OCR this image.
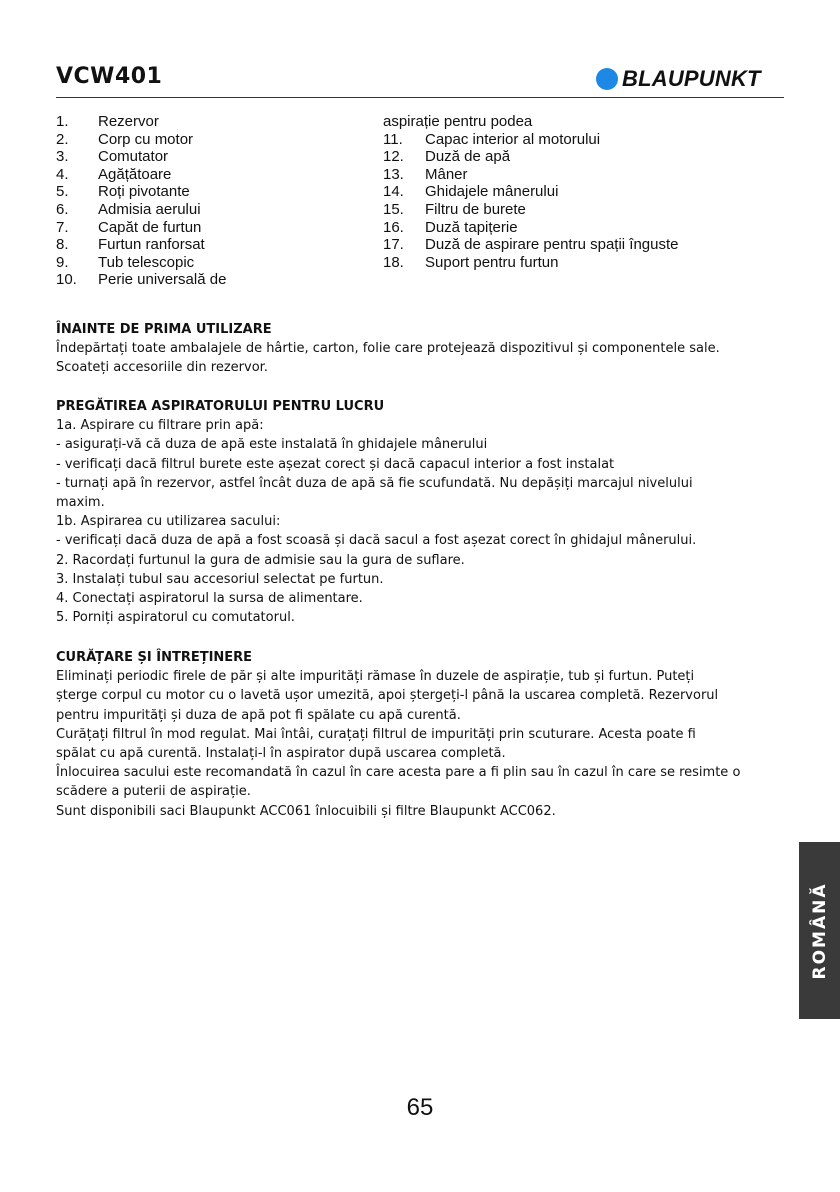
VCW401	BLAUPUNKT
1.	Rezervor
2.	Corp cu motor
3.	Comutator
4.	Agățătoare
5.	Roți pivotante
6.	Admisia aerului
7.	Capăt de furtun
8.	Furtun ranforsat
9.	Tub telescopic
10.	Perie universală de
aspirație pentru podea
11.	Capac interior al motorului
12.	Duză de apă
13.	Mâner
14.	Ghidajele mânerului
15.	Filtru de burete
16.	Duză tapițerie
17.	Duză de aspirare pentru spații înguste
18.	Suport pentru furtun
ÎNAINTE DE PRIMA UTILIZARE

Îndepărtați toate ambalajele de hârtie, carton, folie care protejează dispozitivul și componentele sale.

Scoateți accesoriile din rezervor.

PREGĂTIREA ASPIRATORULUI PENTRU LUCRU

1a. Aspirare cu filtrare prin apă:

- asigurați-vă că duza de apă este instalată în ghidajele mânerului

- verificați dacă filtrul burete este așezat corect și dacă capacul interior a fost instalat

- turnați apă în rezervor, astfel încât duza de apă să fie scufundată. Nu depășiți marcajul nivelului

maxim.

1b. Aspirarea cu utilizarea sacului:

- verificați dacă duza de apă a fost scoasă și dacă sacul a fost așezat corect în ghidajul mânerului.

2. Racordați furtunul la gura de admisie sau la gura de suflare.

3. Instalați tubul sau accesoriul selectat pe furtun.

4. Conectați aspiratorul la sursa de alimentare.

5. Porniți aspiratorul cu comutatorul.

CURĂȚARE ȘI ÎNTREȚINERE

Eliminați periodic firele de păr și alte impurități rămase în duzele de aspirație, tub și furtun. Puteți

șterge corpul cu motor cu o lavetă ușor umezită, apoi ștergeți-l până la uscarea completă. Rezervorul

pentru impurități și duza de apă pot fi spălate cu apă curentă.

Curățați filtrul în mod regulat. Mai întâi, curațați filtrul de impurități prin scuturare. Acesta poate fi

spălat cu apă curentă. Instalați-l în aspirator după uscarea completă.

Înlocuirea sacului este recomandată în cazul în care acesta pare a fi plin sau în cazul în care se resimte o

scădere a puterii de aspirație.

Sunt disponibili saci Blaupunkt ACC061 înlocuibili și filtre Blaupunkt ACC062.

ROMÂNĂ
65
